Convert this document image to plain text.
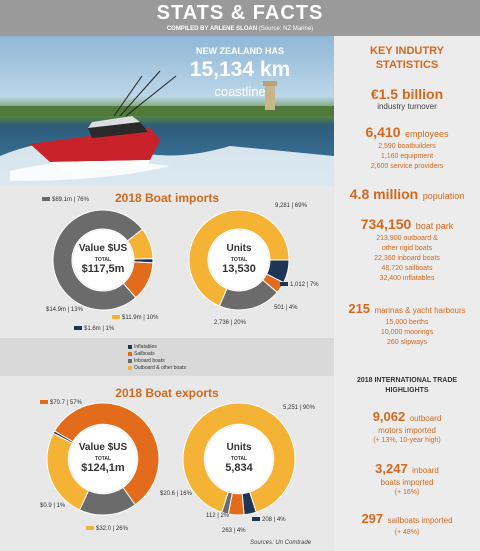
STATS & FACTS
COMPILED BY ARLENE SLOAN (Source: NZ Marine)
NEW ZEALAND HAS
15,134 km
coastline
KEY INDUTRY
STATISTICS
€1.5 billion
industry turnover
6,410 employees
2,590 boatbuilders
1,160 equipment
2,600 service providers
4.8 million population
734,150 boat park
213,900 outboard &
other rigid boats
22,360 inboard boats
48,720 sailboats
32,400 inflatables
215 marinas & yacht harbours
15,000 berths
10,000 moorings
260 slipways
2018 INTERNATIONAL TRADE
HIGHLIGHTS
9,062 outboard
motors imported
(+ 13%, 10-year high)
3,247 inboard
boats imported
(+ 16%)
297 sailboats imported
(+ 48%)
2018 Boat imports
2018 Boat exports
Value $US
TOTAL
$117,5m
Units
TOTAL
13,530
Value $US
TOTAL
$124,1m
Units
TOTAL
5,834
$89.1m | 76%
$14.9m | 13%
$1.6m | 1%
$11.9m | 10%
9,281 | 69%
1,012 | 7%
501 | 4%
2,736 | 20%
Inflatables
Sailboats
Inboard boats
Outboard & other boats
$70.7 | 57%
$0.9 | 1%
$20.6 | 16%
$32.0 | 26%
5,251 | 90%
208 | 4%
263 | 4%
112 | 2%
Sources: Un Comtrade
